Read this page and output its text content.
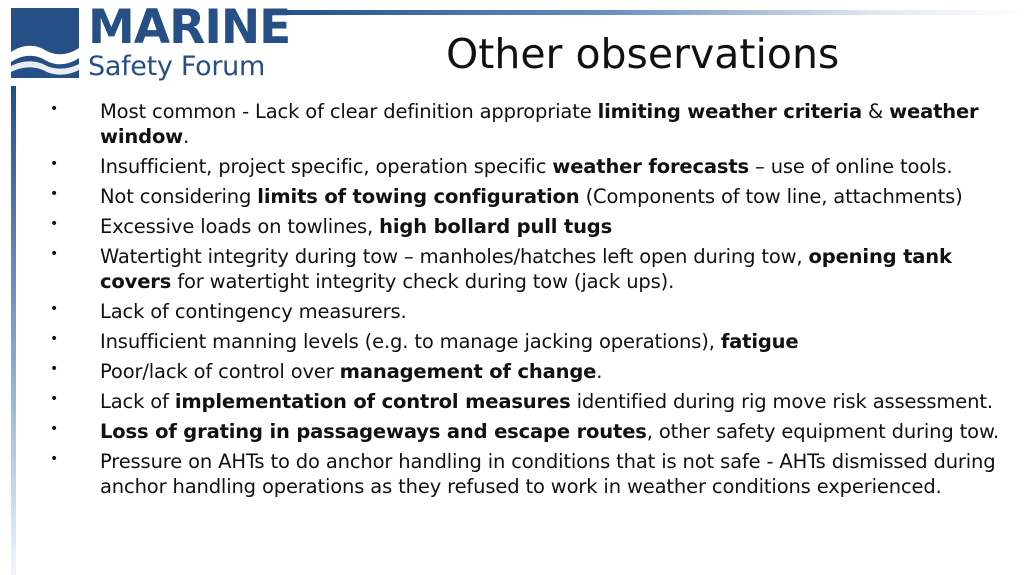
MARINE
Safety Forum	Other observations
• Most common - Lack of clear definition appropriate limiting weather criteria & weather window.
• Insufficient, project specific, operation specific weather forecasts – use of online tools.
• Not considering limits of towing configuration (Components of tow line, attachments)
• Excessive loads on towlines, high bollard pull tugs
• Watertight integrity during tow – manholes/hatches left open during tow, opening tank covers for watertight integrity check during tow (jack ups).
• Lack of contingency measurers.
• Insufficient manning levels (e.g. to manage jacking operations), fatigue
• Poor/lack of control over management of change.
• Lack of implementation of control measures identified during rig move risk assessment.
• Loss of grating in passageways and escape routes, other safety equipment during tow.
• Pressure on AHTs to do anchor handling in conditions that is not safe - AHTs dismissed during anchor handling operations as they refused to work in weather conditions experienced.
